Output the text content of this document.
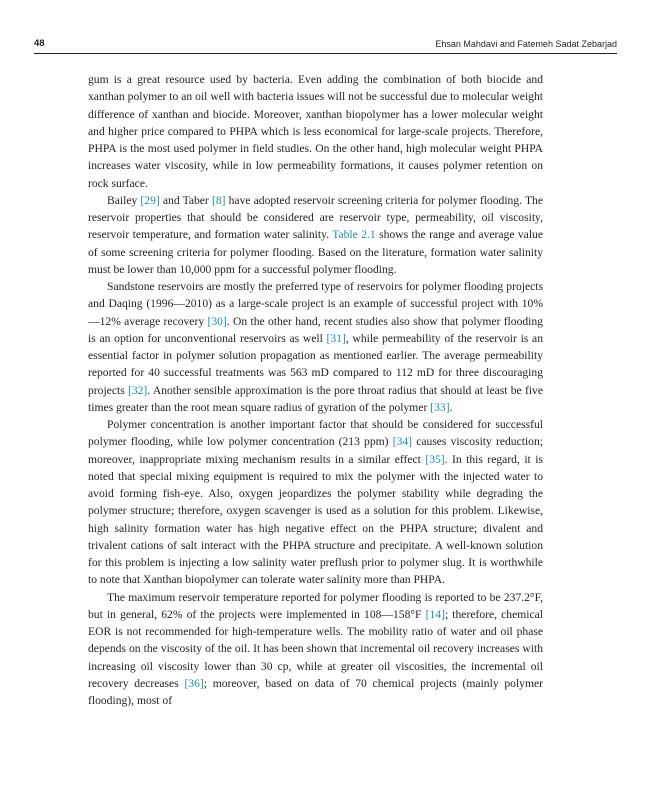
48	Ehsan Mahdavi and Fatemeh Sadat Zebarjad

gum is a great resource used by bacteria. Even adding the combination of both biocide and xanthan polymer to an oil well with bacteria issues will not be successful due to molecular weight difference of xanthan and biocide. Moreover, xanthan biopolymer has a lower molecular weight and higher price compared to PHPA which is less economical for large-scale projects. Therefore, PHPA is the most used polymer in field studies. On the other hand, high molecular weight PHPA increases water viscosity, while in low permeability formations, it causes polymer retention on rock surface.

Bailey [29] and Taber [8] have adopted reservoir screening criteria for polymer flooding. The reservoir properties that should be considered are reservoir type, permeability, oil viscosity, reservoir temperature, and formation water salinity. Table 2.1 shows the range and average value of some screening criteria for polymer flooding. Based on the literature, formation water salinity must be lower than 10,000 ppm for a successful polymer flooding.

Sandstone reservoirs are mostly the preferred type of reservoirs for polymer flooding projects and Daqing (1996—2010) as a large-scale project is an example of successful project with 10%—12% average recovery [30]. On the other hand, recent studies also show that polymer flooding is an option for unconventional reservoirs as well [31], while permeability of the reservoir is an essential factor in polymer solution propagation as mentioned earlier. The average permeability reported for 40 successful treatments was 563 mD compared to 112 mD for three discouraging projects [32]. Another sensible approximation is the pore throat radius that should at least be five times greater than the root mean square radius of gyration of the polymer [33].

Polymer concentration is another important factor that should be considered for successful polymer flooding, while low polymer concentration (213 ppm) [34] causes viscosity reduction; moreover, inappropriate mixing mechanism results in a similar effect [35]. In this regard, it is noted that special mixing equipment is required to mix the polymer with the injected water to avoid forming fish-eye. Also, oxygen jeopardizes the polymer stability while degrading the polymer structure; therefore, oxygen scavenger is used as a solution for this problem. Likewise, high salinity formation water has high negative effect on the PHPA structure; divalent and trivalent cations of salt interact with the PHPA structure and precipitate. A well-known solution for this problem is injecting a low salinity water preflush prior to polymer slug. It is worthwhile to note that Xanthan biopolymer can tolerate water salinity more than PHPA.

The maximum reservoir temperature reported for polymer flooding is reported to be 237.2°F, but in general, 62% of the projects were implemented in 108—158°F [14]; therefore, chemical EOR is not recommended for high-temperature wells. The mobility ratio of water and oil phase depends on the viscosity of the oil. It has been shown that incremental oil recovery increases with increasing oil viscosity lower than 30 cp, while at greater oil viscosities, the incremental oil recovery decreases [36]; moreover, based on data of 70 chemical projects (mainly polymer flooding), most of
